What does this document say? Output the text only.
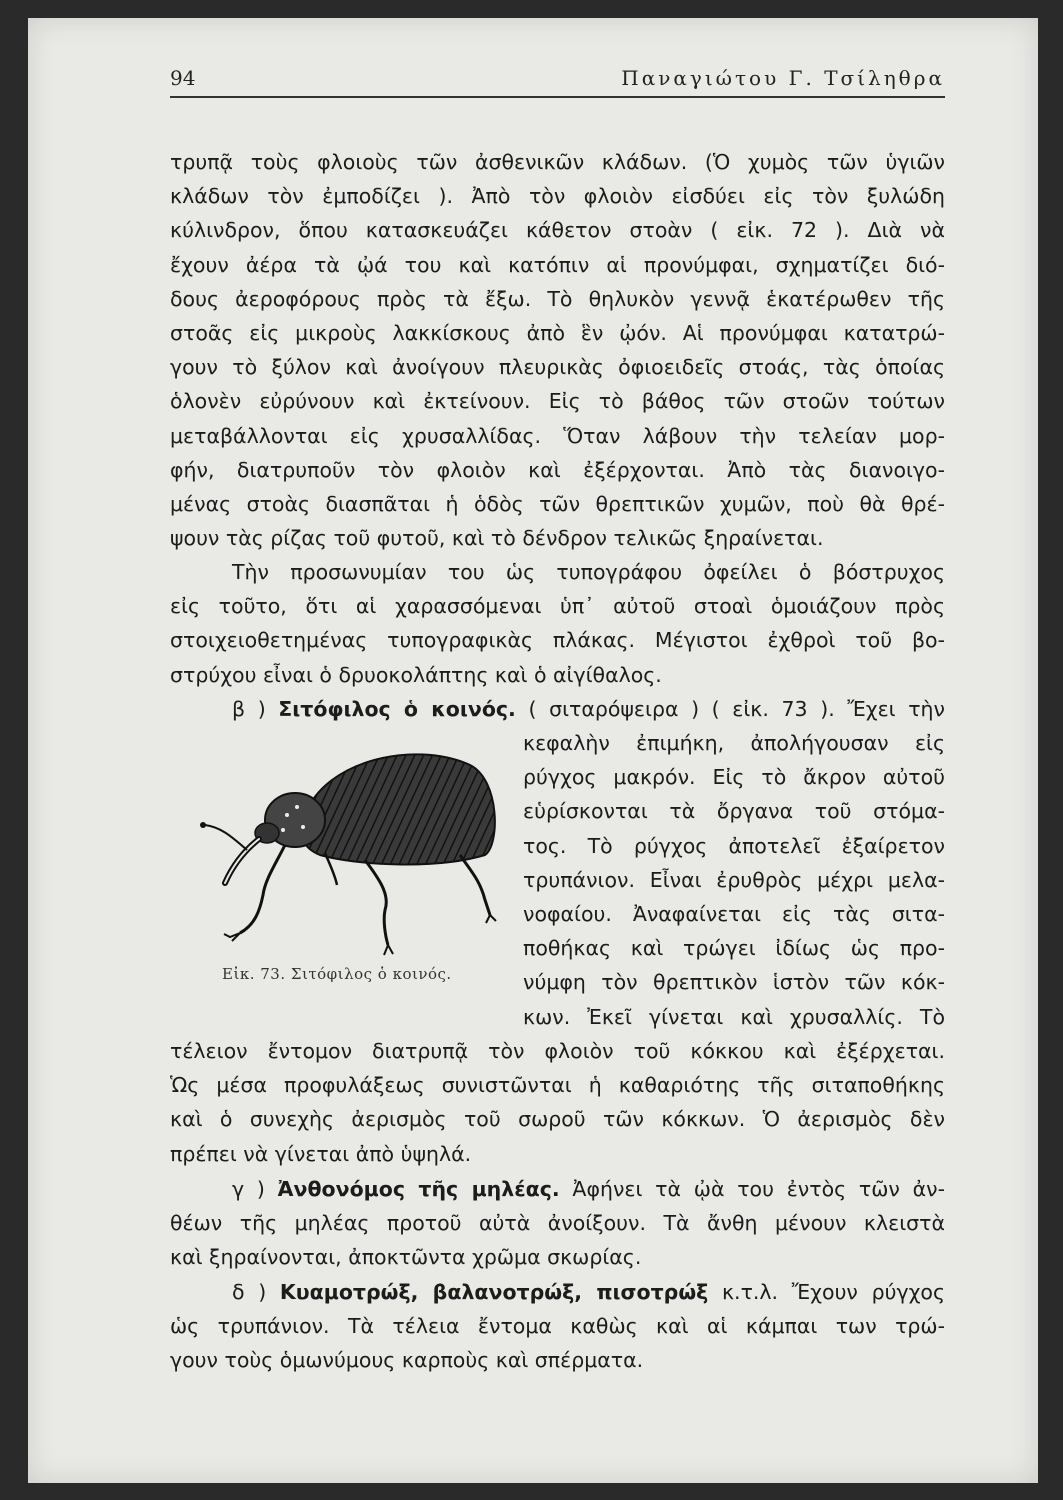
94	Παναγιώτου Γ. Τσίληθρα
τρυπᾷ τοὺς φλοιοὺς τῶν ἀσθενικῶν κλάδων. (Ὁ χυμὸς τῶν ὑγιῶν
κλάδων τὸν ἐμποδίζει ). Ἀπὸ τὸν φλοιὸν εἰσδύει εἰς τὸν ξυλώδη
κύλινδρον, ὅπου κατασκευάζει κάθετον στοὰν ( εἰκ. 72 ). Διὰ νὰ
ἔχουν ἀέρα τὰ ᾠά του καὶ κατόπιν αἱ προνύμφαι, σχηματίζει διό-
δους ἀεροφόρους πρὸς τὰ ἔξω. Τὸ θηλυκὸν γεννᾷ ἑκατέρωθεν τῆς
στοᾶς εἰς μικροὺς λακκίσκους ἀπὸ ἓν ᾠόν. Αἱ προνύμφαι κατατρώ-
γουν τὸ ξύλον καὶ ἀνοίγουν πλευρικὰς ὀφιοειδεῖς στοάς, τὰς ὁποίας
ὁλονὲν εὐρύνουν καὶ ἐκτείνουν. Εἰς τὸ βάθος τῶν στοῶν τούτων
μεταβάλλονται εἰς χρυσαλλίδας. Ὅταν λάβουν τὴν τελείαν μορ-
φήν, διατρυποῦν τὸν φλοιὸν καὶ ἐξέρχονται. Ἀπὸ τὰς διανοιγο-
μένας στοὰς διασπᾶται ἡ ὁδὸς τῶν θρεπτικῶν χυμῶν, ποὺ θὰ θρέ-
ψουν τὰς ρίζας τοῦ φυτοῦ, καὶ τὸ δένδρον τελικῶς ξηραίνεται.
Τὴν προσωνυμίαν του ὡς τυπογράφου ὀφείλει ὁ βόστρυχος
εἰς τοῦτο, ὅτι αἱ χαρασσόμεναι ὑπ᾽ αὐτοῦ στοαὶ ὁμοιάζουν πρὸς
στοιχειοθετημένας τυπογραφικὰς πλάκας. Μέγιστοι ἐχθροὶ τοῦ βο-
στρύχου εἶναι ὁ δρυοκολάπτης καὶ ὁ αἰγίθαλος.
β ) Σιτόφιλος ὁ κοινός. ( σιταρόψειρα ) ( εἰκ. 73 ). Ἔχει τὴν
κεφαλὴν ἐπιμήκη, ἀπολήγουσαν εἰς
ρύγχος μακρόν. Εἰς τὸ ἄκρον αὐτοῦ
εὑρίσκονται τὰ ὄργανα τοῦ στόμα-
τος. Τὸ ρύγχος ἀποτελεῖ ἐξαίρετον
τρυπάνιον. Εἶναι ἐρυθρὸς μέχρι μελα-
νοφαίου. Ἀναφαίνεται εἰς τὰς σιτα-
ποθήκας καὶ τρώγει ἰδίως ὡς προ-
νύμφη τὸν θρεπτικὸν ἱστὸν τῶν κόκ-
κων. Ἐκεῖ γίνεται καὶ χρυσαλλίς. Τὸ
Εἰκ. 73. Σιτόφιλος ὁ κοινός.
τέλειον ἔντομον διατρυπᾷ τὸν φλοιὸν τοῦ κόκκου καὶ ἐξέρχεται.
Ὡς μέσα προφυλάξεως συνιστῶνται ἡ καθαριότης τῆς σιταποθήκης
καὶ ὁ συνεχὴς ἀερισμὸς τοῦ σωροῦ τῶν κόκκων. Ὁ ἀερισμὸς δὲν
πρέπει νὰ γίνεται ἀπὸ ὑψηλά.
γ ) Ἀνθονόμος τῆς μηλέας. Ἀφήνει τὰ ᾠὰ του ἐντὸς τῶν ἀν-
θέων τῆς μηλέας προτοῦ αὐτὰ ἀνοίξουν. Τὰ ἄνθη μένουν κλειστὰ
καὶ ξηραίνονται, ἀποκτῶντα χρῶμα σκωρίας.
δ ) Κυαμοτρώξ, βαλανοτρώξ, πισοτρώξ κ.τ.λ. Ἔχουν ρύγχος
ὡς τρυπάνιον. Τὰ τέλεια ἔντομα καθὼς καὶ αἱ κάμπαι των τρώ-
γουν τοὺς ὁμωνύμους καρποὺς καὶ σπέρματα.
